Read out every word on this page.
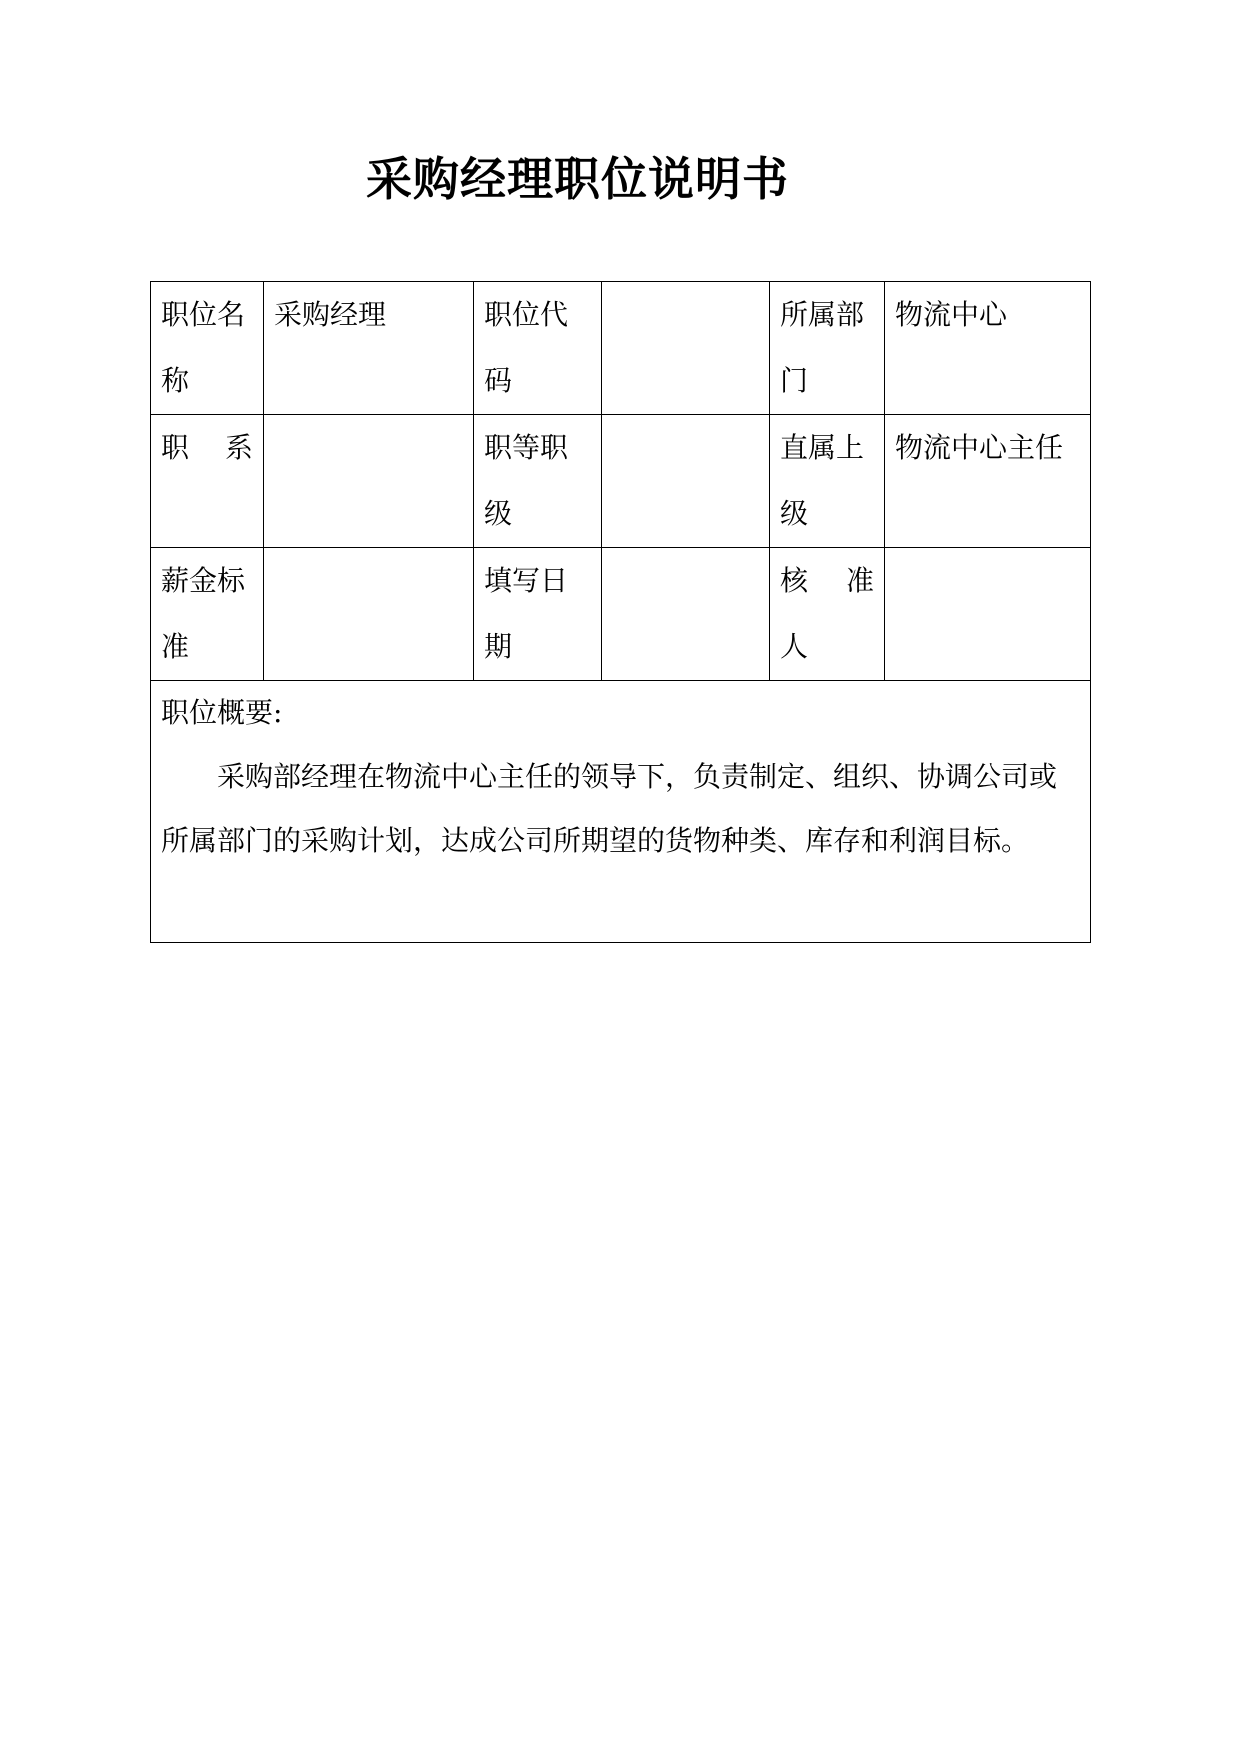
采购经理职位说明书
职位名称	采购经理	职位代码		所属部门	物流中心
职　系		职等职级		直属上级	物流中心主任
薪金标准		填写日期		核　准人	

职位概要:
采购部经理在物流中心主任的领导下，负责制定、组织、协调公司或所属部门的采购计划，达成公司所期望的货物种类、库存和利润目标。					
